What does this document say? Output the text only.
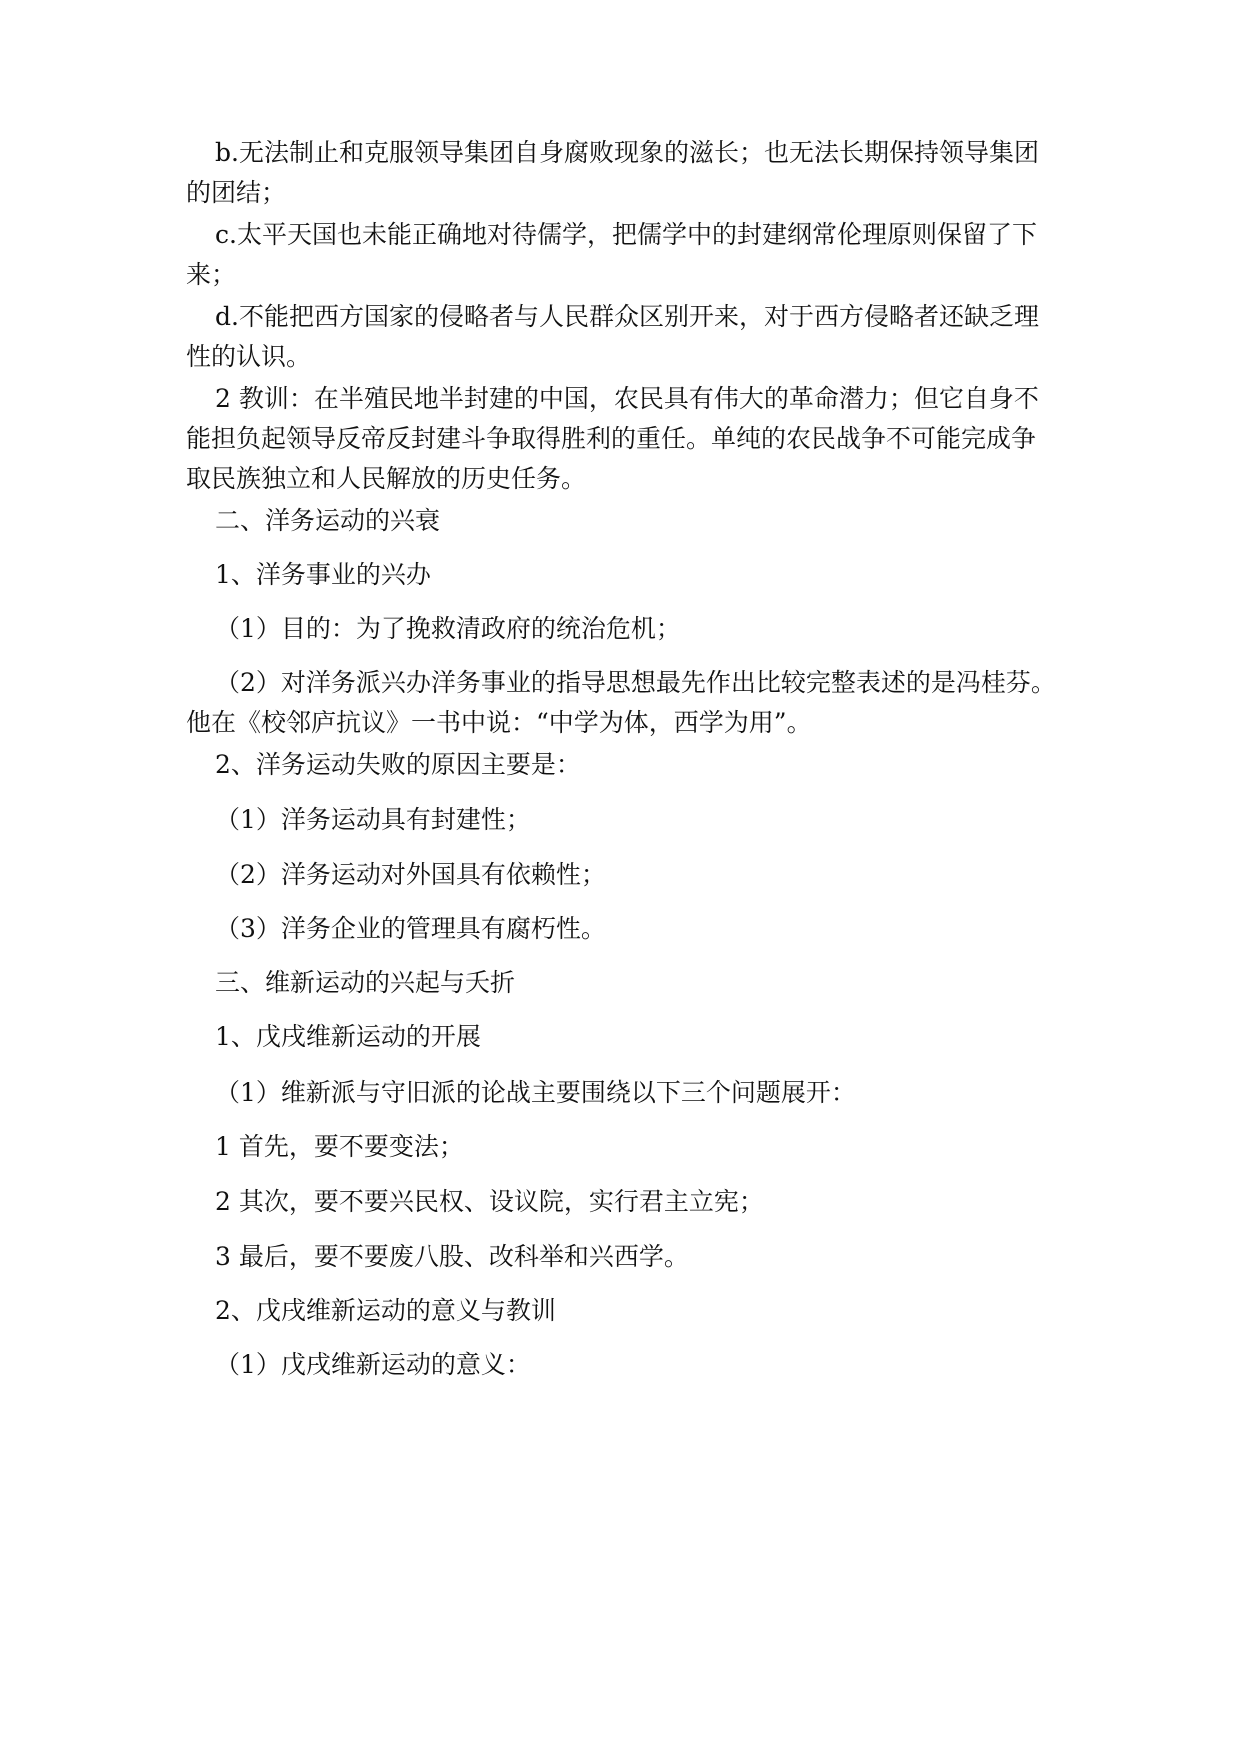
b.无法制止和克服领导集团自身腐败现象的滋长；也无法长期保持领导集团
的团结；
c.太平天国也未能正确地对待儒学，把儒学中的封建纲常伦理原则保留了下
来；
d.不能把西方国家的侵略者与人民群众区别开来，对于西方侵略者还缺乏理
性的认识。
2 教训：在半殖民地半封建的中国，农民具有伟大的革命潜力；但它自身不
能担负起领导反帝反封建斗争取得胜利的重任。单纯的农民战争不可能完成争
取民族独立和人民解放的历史任务。
二、洋务运动的兴衰
1、洋务事业的兴办
（1）目的：为了挽救清政府的统治危机；
（2）对洋务派兴办洋务事业的指导思想最先作出比较完整表述的是冯桂芬。
他在《校邻庐抗议》一书中说：“中学为体，西学为用”。
2、洋务运动失败的原因主要是：
（1）洋务运动具有封建性；
（2）洋务运动对外国具有依赖性；
（3）洋务企业的管理具有腐朽性。
三、维新运动的兴起与夭折
1、戊戌维新运动的开展
（1）维新派与守旧派的论战主要围绕以下三个问题展开：
1 首先，要不要变法；
2 其次，要不要兴民权、设议院，实行君主立宪；
3 最后，要不要废八股、改科举和兴西学。
2、戊戌维新运动的意义与教训
（1）戊戌维新运动的意义：
